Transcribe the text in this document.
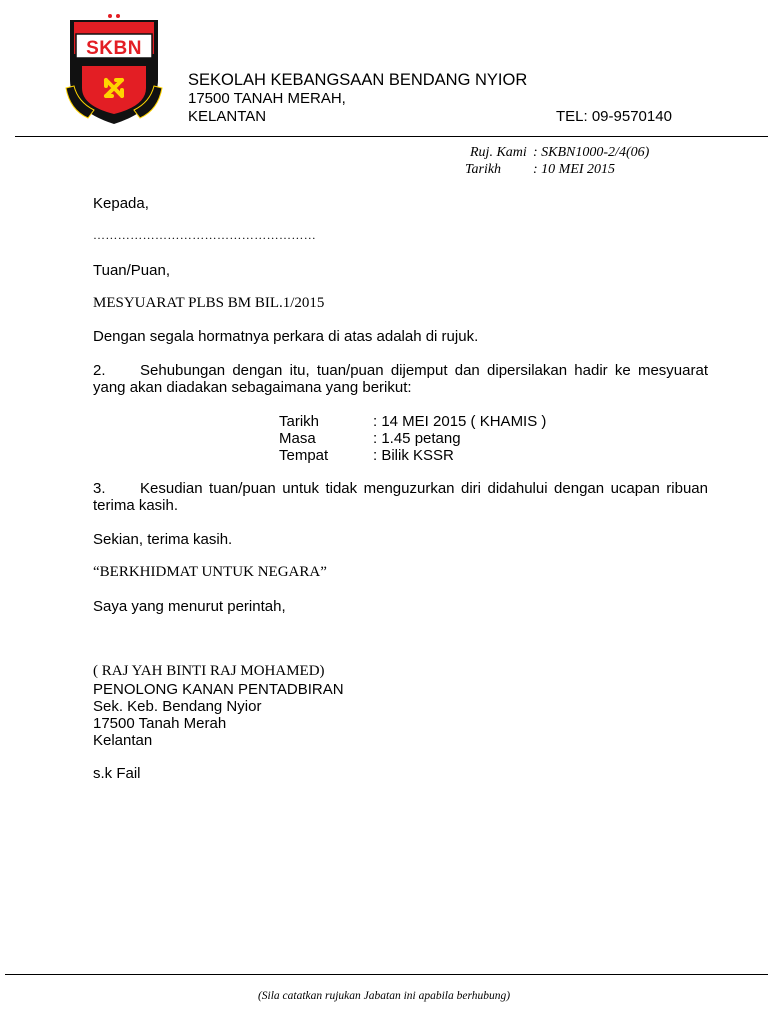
SKBN
SEKOLAH KEBANGSAAN BENDANG NYIOR
17500 TANAH MERAH,
KELANTAN	TEL: 09-9570140
Ruj. Kami : SKBN1000-2/4(06)
Tarikh : 10 MEI 2015
Kepada,
………………………………………………
Tuan/Puan,
MESYUARAT PLBS BM BIL.1/2015
Dengan segala hormatnya perkara di atas adalah di rujuk.
2.	Sehubungan dengan itu, tuan/puan dijemput dan dipersilakan hadir ke mesyuarat yang akan diadakan sebagaimana yang berikut:
Tarikh	: 14 MEI 2015 ( KHAMIS )
Masa	: 1.45 petang
Tempat	: Bilik KSSR
3.	Kesudian tuan/puan untuk tidak menguzurkan diri didahului dengan ucapan ribuan terima kasih.
Sekian, terima kasih.
“BERKHIDMAT UNTUK NEGARA”
Saya yang menurut perintah,
( RAJ YAH BINTI RAJ MOHAMED)
PENOLONG KANAN PENTADBIRAN
Sek. Keb. Bendang Nyior
17500 Tanah Merah
Kelantan
s.k Fail
(Sila catatkan rujukan Jabatan ini apabila berhubung)
